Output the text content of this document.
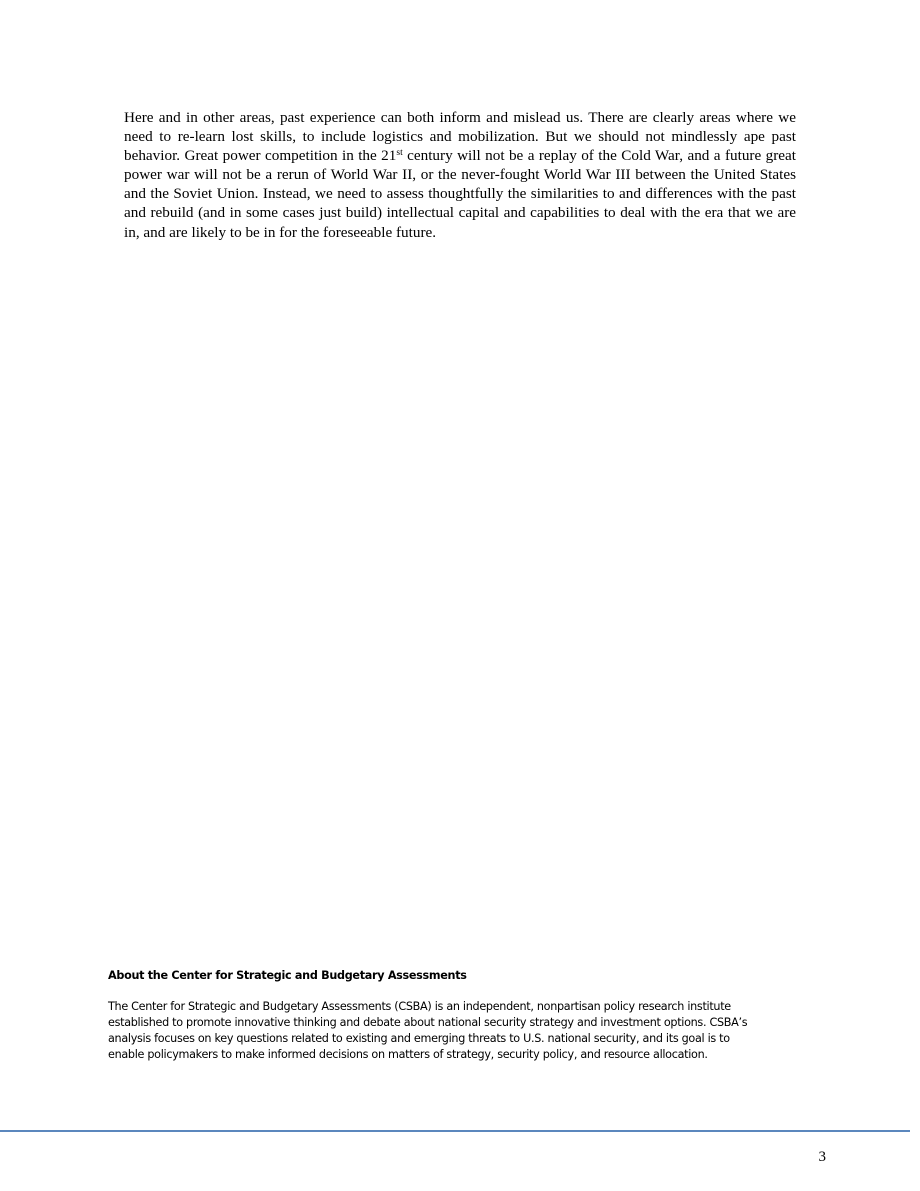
Here and in other areas, past experience can both inform and mislead us. There are clearly areas where we need to re-learn lost skills, to include logistics and mobilization. But we should not mindlessly ape past behavior. Great power competition in the 21st century will not be a replay of the Cold War, and a future great power war will not be a rerun of World War II, or the never-fought World War III between the United States and the Soviet Union. Instead, we need to assess thoughtfully the similarities to and differences with the past and rebuild (and in some cases just build) intellectual capital and capabilities to deal with the era that we are in, and are likely to be in for the foreseeable future.

About the Center for Strategic and Budgetary Assessments

The Center for Strategic and Budgetary Assessments (CSBA) is an independent, nonpartisan policy research institute established to promote innovative thinking and debate about national security strategy and investment options. CSBA’s analysis focuses on key questions related to existing and emerging threats to U.S. national security, and its goal is to enable policymakers to make informed decisions on matters of strategy, security policy, and resource allocation.

3
